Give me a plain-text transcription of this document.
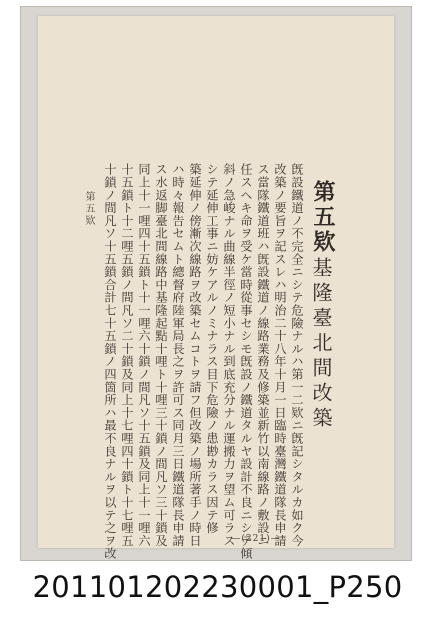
第五欵
基隆臺北間改築
旣設鐵道ノ不完全ニシテ危險ナルハ第一二欵ニ旣記シタルカ如ク今
改築ノ要旨ヲ記スレハ明治二十八年十月一日臨時臺灣鐵道隊長申請
ス當隊鐵道班ハ旣設鐵道ノ線路業務及修築並新竹以南線路ノ敷設ニ
任スヘキ命ヲ受ケ當時從事セシモ旣設ノ鐵道タルヤ設計不良ニシテ傾
斜ノ急峻ナル曲線半徑ノ短小ナル到底充分ナル運搬力ヲ望ム可ラス
シテ延伸工事ニ妨ケアルノミナラス目下危險ノ患尠カラス因テ修
築延伸ノ傍漸次線路ヲ改築セムコトヲ請フ但改築ノ場所著手ノ時日
ハ時々報告セムト總督府陸軍局長之ヲ許可ス同月三日鐵道隊長申請
ス水返脚臺北間線路中基隆起點十哩ト十哩三十鎖ノ間凡ソ三十鎖及
同上十一哩四十五鎖ト十一哩六十鎖ノ間凡ソ十五鎖及同上十一哩六
十五鎖ト十二哩五鎖ノ間凡ソ二十鎖及同上十七哩四十鎖ト十七哩五
十鎖ノ間凡ソ十五鎖合計七十五鎖ノ四箇所ハ最不良ナルヲ以テ之ヲ改
第五欵
—(221)—
201101202230001_P250
